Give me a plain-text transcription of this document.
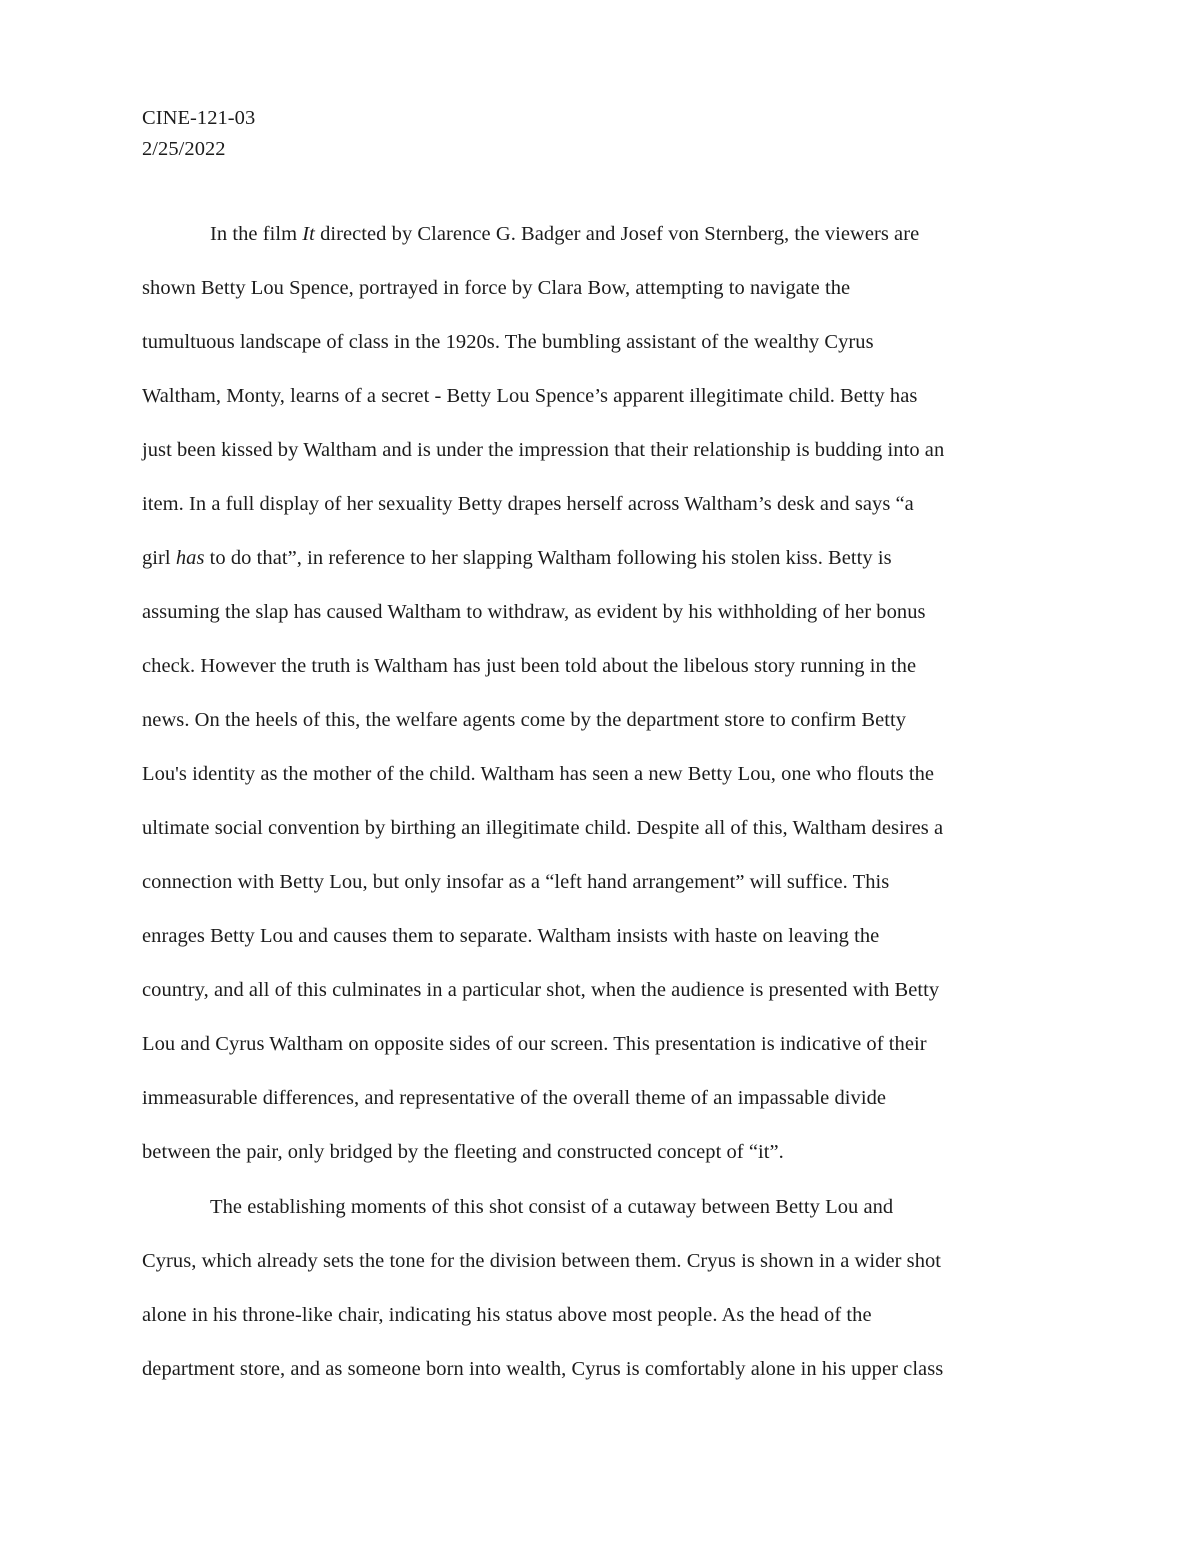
CINE-121-03
2/25/2022
In the film It directed by Clarence G. Badger and Josef von Sternberg, the viewers are
shown Betty Lou Spence, portrayed in force by Clara Bow, attempting to navigate the
tumultuous landscape of class in the 1920s. The bumbling assistant of the wealthy Cyrus
Waltham, Monty, learns of a secret - Betty Lou Spence’s apparent illegitimate child. Betty has
just been kissed by Waltham and is under the impression that their relationship is budding into an
item. In a full display of her sexuality Betty drapes herself across Waltham’s desk and says “a
girl has to do that”, in reference to her slapping Waltham following his stolen kiss. Betty is
assuming the slap has caused Waltham to withdraw, as evident by his withholding of her bonus
check. However the truth is Waltham has just been told about the libelous story running in the
news. On the heels of this, the welfare agents come by the department store to confirm Betty
Lou's identity as the mother of the child. Waltham has seen a new Betty Lou, one who flouts the
ultimate social convention by birthing an illegitimate child. Despite all of this, Waltham desires a
connection with Betty Lou, but only insofar as a “left hand arrangement” will suffice. This
enrages Betty Lou and causes them to separate. Waltham insists with haste on leaving the
country, and all of this culminates in a particular shot, when the audience is presented with Betty
Lou and Cyrus Waltham on opposite sides of our screen. This presentation is indicative of their
immeasurable differences, and representative of the overall theme of an impassable divide
between the pair, only bridged by the fleeting and constructed concept of “it”.
The establishing moments of this shot consist of a cutaway between Betty Lou and
Cyrus, which already sets the tone for the division between them. Cryus is shown in a wider shot
alone in his throne-like chair, indicating his status above most people. As the head of the
department store, and as someone born into wealth, Cyrus is comfortably alone in his upper class
